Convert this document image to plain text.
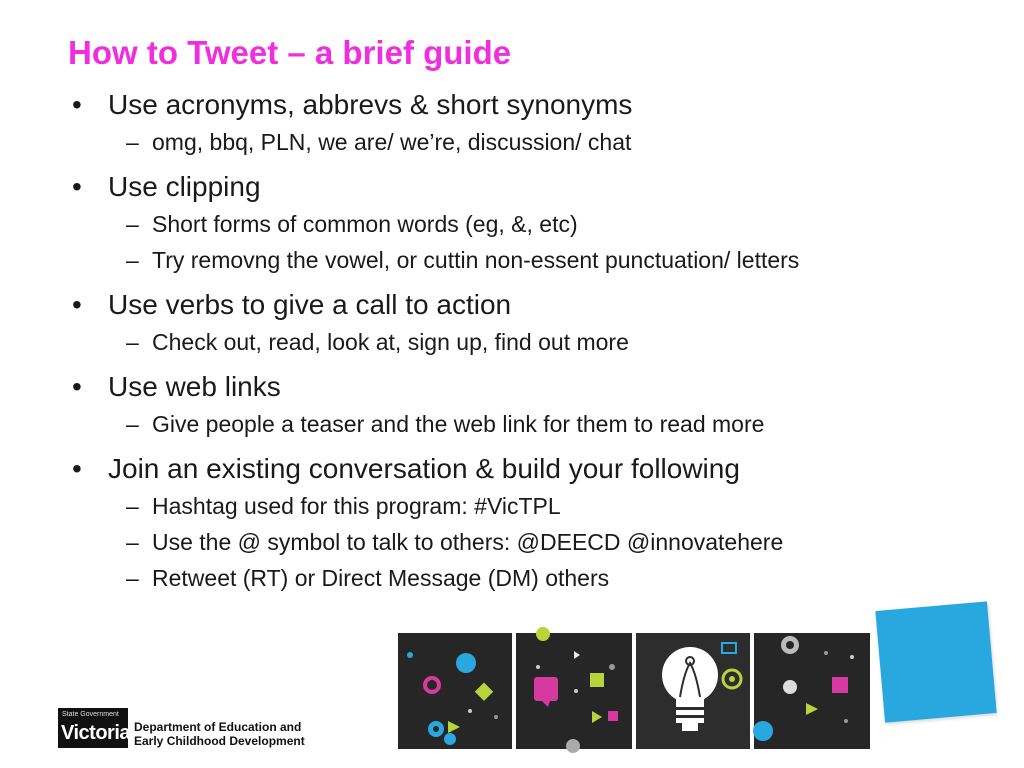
How to Tweet – a brief guide
• Use acronyms, abbrevs & short synonyms
– omg, bbq, PLN, we are/ we’re, discussion/ chat
• Use clipping
– Short forms of common words (eg, &, etc)
– Try removng the vowel, or cuttin non-essent punctuation/ letters
• Use verbs to give a call to action
– Check out, read, look at, sign up, find out more
• Use web links
– Give people a teaser and the web link for them to read more
• Join an existing conversation & build your following
– Hashtag used for this program: #VicTPL
– Use the @ symbol to talk to others: @DEECD @innovatehere
– Retweet (RT) or Direct Message (DM) others
State Government
Victoria Department of Education and
Early Childhood Development
